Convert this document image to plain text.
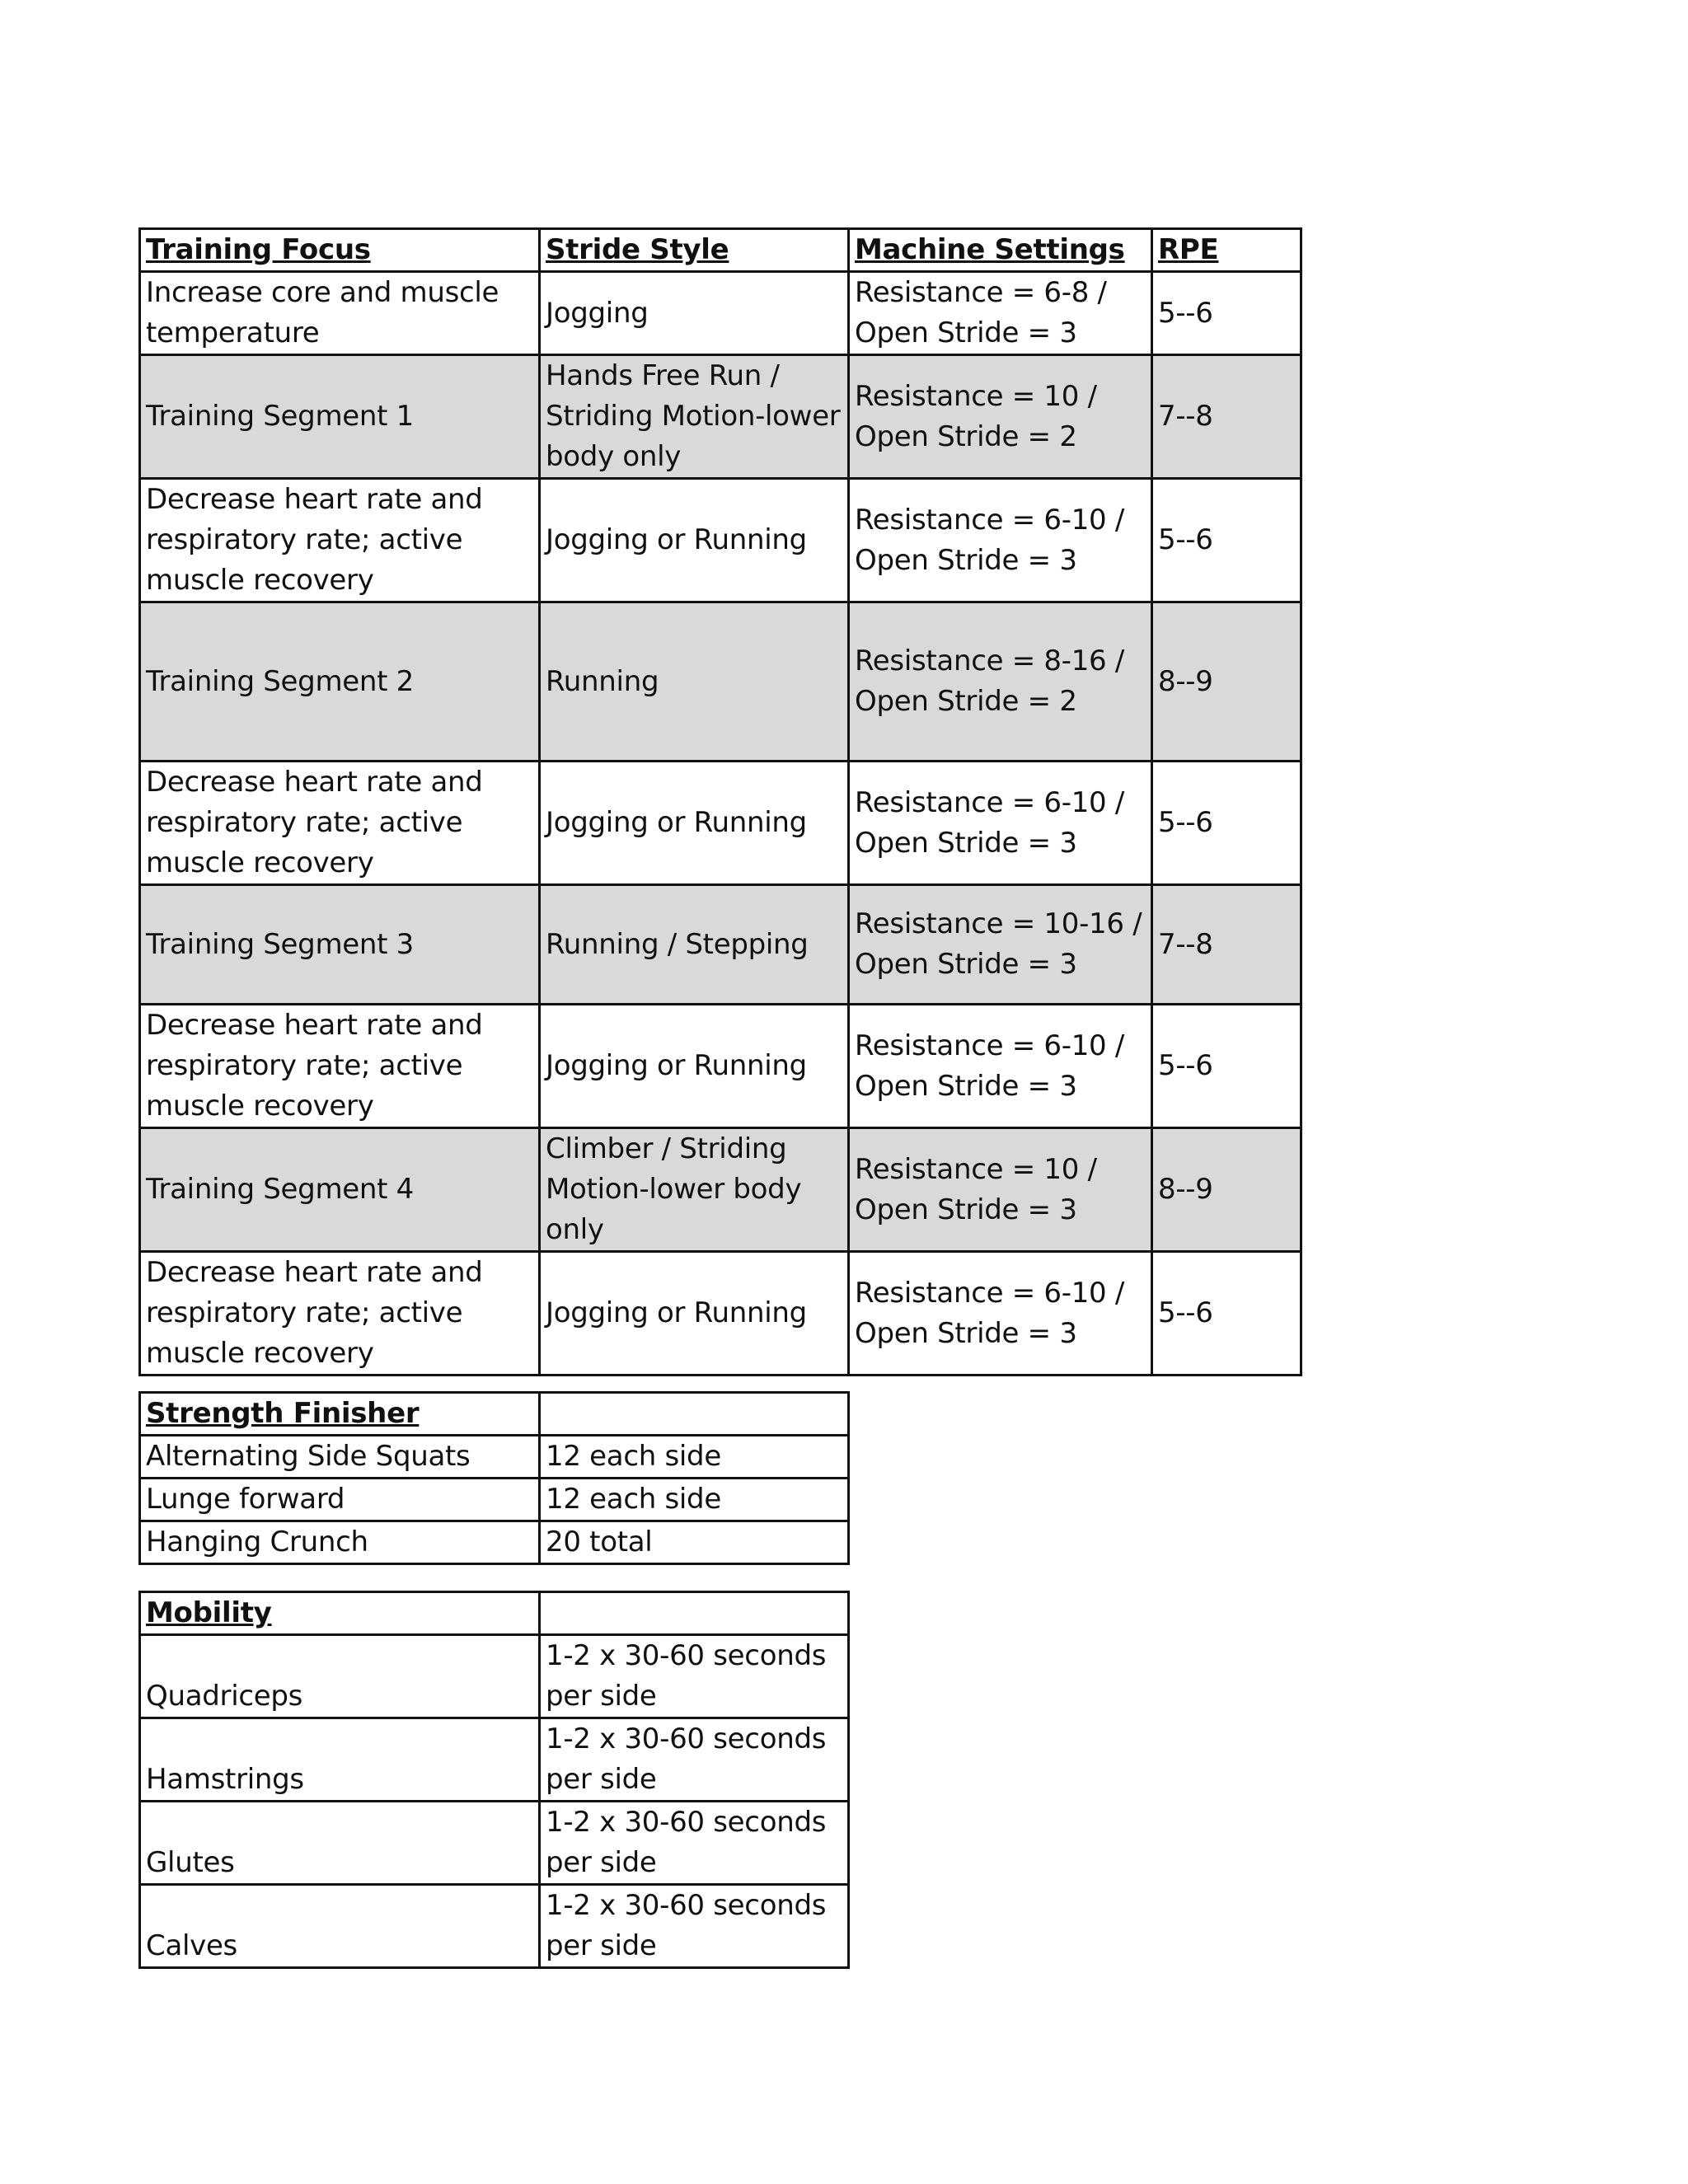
Training Focus	Stride Style	Machine Settings	RPE
Increase core and muscle temperature	Jogging	Resistance = 6-8 / Open Stride = 3	5--6
Training Segment 1	Hands Free Run / Striding Motion-lower body only	Resistance = 10 / Open Stride = 2	7--8
Decrease heart rate and respiratory rate; active muscle recovery	Jogging or Running	Resistance = 6-10 / Open Stride = 3	5--6
Training Segment 2	Running	Resistance = 8-16 / Open Stride = 2	8--9
Decrease heart rate and respiratory rate; active muscle recovery	Jogging or Running	Resistance = 6-10 / Open Stride = 3	5--6
Training Segment 3	Running / Stepping	Resistance = 10-16 / Open Stride = 3	7--8
Decrease heart rate and respiratory rate; active muscle recovery	Jogging or Running	Resistance = 6-10 / Open Stride = 3	5--6
Training Segment 4	Climber / Striding Motion-lower body only	Resistance = 10 / Open Stride = 3	8--9
Decrease heart rate and respiratory rate; active muscle recovery	Jogging or Running	Resistance = 6-10 / Open Stride = 3	5--6
Strength Finisher	
Alternating Side Squats	12 each side
Lunge forward	12 each side
Hanging Crunch	20 total
Mobility	
Quadriceps	1-2 x 30-60 seconds per side
Hamstrings	1-2 x 30-60 seconds per side
Glutes	1-2 x 30-60 seconds per side
Calves	1-2 x 30-60 seconds per side
